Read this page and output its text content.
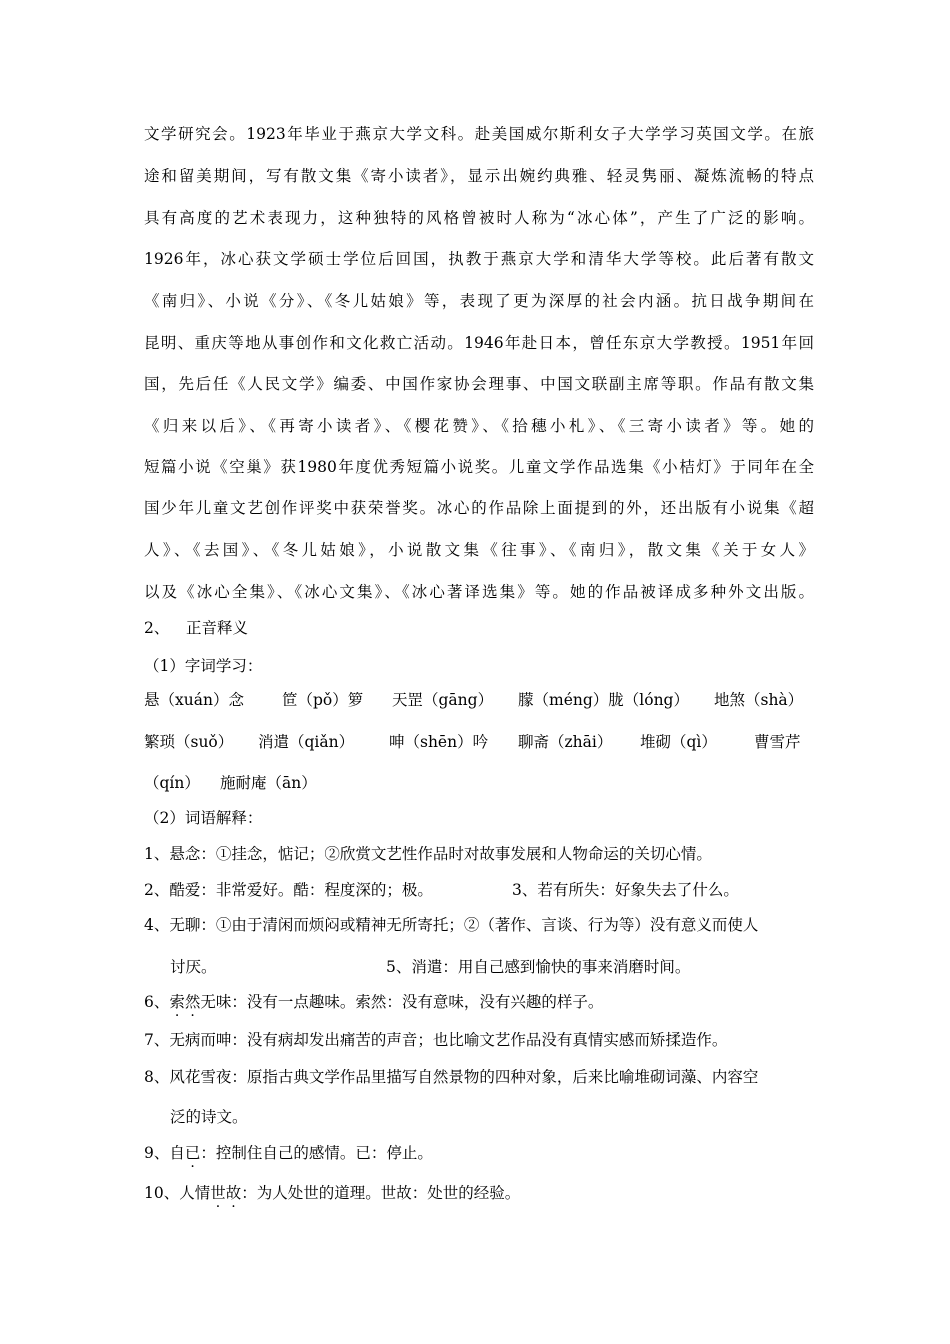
文学研究会。1923年毕业于燕京大学文科。赴美国威尔斯利女子大学学习英国文学。在旅
途和留美期间，写有散文集《寄小读者》，显示出婉约典雅、轻灵隽丽、凝炼流畅的特点
具有高度的艺术表现力，这种独特的风格曾被时人称为“冰心体”，产生了广泛的影响。
1926年，冰心获文学硕士学位后回国，执教于燕京大学和清华大学等校。此后著有散文
《南归》、小说《分》、《冬儿姑娘》等，表现了更为深厚的社会内涵。抗日战争期间在
昆明、重庆等地从事创作和文化救亡活动。1946年赴日本，曾任东京大学教授。1951年回
国，先后任《人民文学》编委、中国作家协会理事、中国文联副主席等职。作品有散文集
《归来以后》、《再寄小读者》、《樱花赞》、《拾穗小札》、《三寄小读者》等。她的
短篇小说《空巢》获1980年度优秀短篇小说奖。儿童文学作品选集《小桔灯》于同年在全
国少年儿童文艺创作评奖中获荣誉奖。冰心的作品除上面提到的外，还出版有小说集《超
人》、《去国》、《冬儿姑娘》，小说散文集《往事》、《南归》，散文集《关于女人》
以及《冰心全集》、《冰心文集》、《冰心著译选集》等。她的作品被译成多种外文出版。
2、 正音释义
（1）字词学习：
悬（xuán）念 笸（pǒ）箩 天罡（gāng） 朦（méng）胧（lóng） 地煞（shà）
繁琐（suǒ） 消遣（qiǎn） 呻（shēn）吟 聊斋（zhāi） 堆砌（qì） 曹雪芹
（qín） 施耐庵（ān）
（2）词语解释：
1、悬念：①挂念，惦记；②欣赏文艺性作品时对故事发展和人物命运的关切心情。
2、酷爱：非常爱好。酷：程度深的；极。	3、若有所失：好象失去了什么。
4、无聊：①由于清闲而烦闷或精神无所寄托；②（著作、言谈、行为等）没有意义而使人
讨厌。	5、消遣：用自己感到愉快的事来消磨时间。
6、索然无味：没有一点趣味。索然：没有意味，没有兴趣的样子。
7、无病而呻：没有病却发出痛苦的声音；也比喻文艺作品没有真情实感而矫揉造作。
8、风花雪夜：原指古典文学作品里描写自然景物的四种对象，后来比喻堆砌词藻、内容空
泛的诗文。
9、自已：控制住自己的感情。已：停止。
10、人情世故：为人处世的道理。世故：处世的经验。
